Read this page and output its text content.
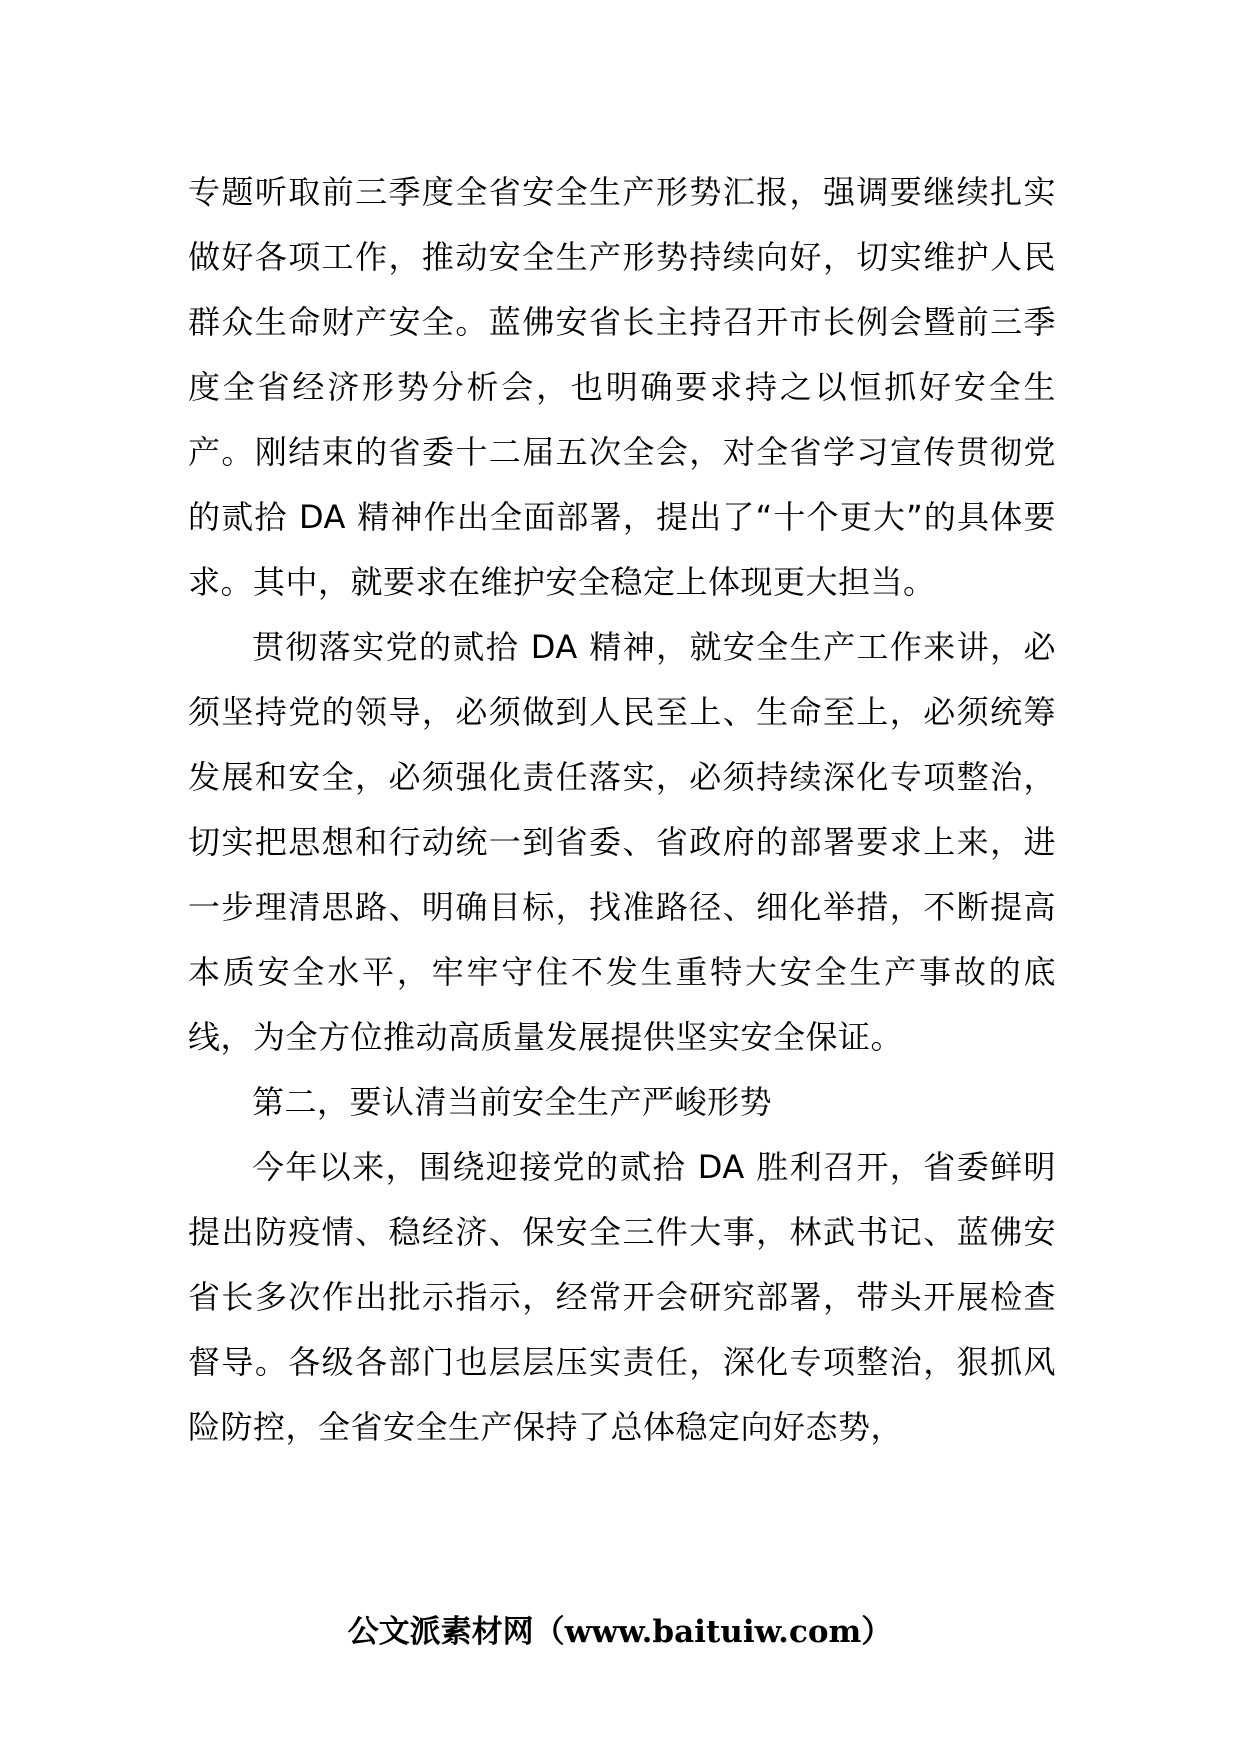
专题听取前三季度全省安全生产形势汇报，强调要继续扎实做好各项工作，推动安全生产形势持续向好，切实维护人民群众生命财产安全。蓝佛安省长主持召开市长例会暨前三季度全省经济形势分析会，也明确要求持之以恒抓好安全生产。刚结束的省委十二届五次全会，对全省学习宣传贯彻党的贰拾 DA 精神作出全面部署，提出了“十个更大”的具体要求。其中，就要求在维护安全稳定上体现更大担当。

贯彻落实党的贰拾 DA 精神，就安全生产工作来讲，必须坚持党的领导，必须做到人民至上、生命至上，必须统筹发展和安全，必须强化责任落实，必须持续深化专项整治，切实把思想和行动统一到省委、省政府的部署要求上来，进一步理清思路、明确目标，找准路径、细化举措，不断提高本质安全水平，牢牢守住不发生重特大安全生产事故的底线，为全方位推动高质量发展提供坚实安全保证。

第二，要认清当前安全生产严峻形势

今年以来，围绕迎接党的贰拾 DA 胜利召开，省委鲜明提出防疫情、稳经济、保安全三件大事，林武书记、蓝佛安省长多次作出批示指示，经常开会研究部署，带头开展检查督导。各级各部门也层层压实责任，深化专项整治，狠抓风险防控，全省安全生产保持了总体稳定向好态势，

公文派素材网（www.baituiw.com）
